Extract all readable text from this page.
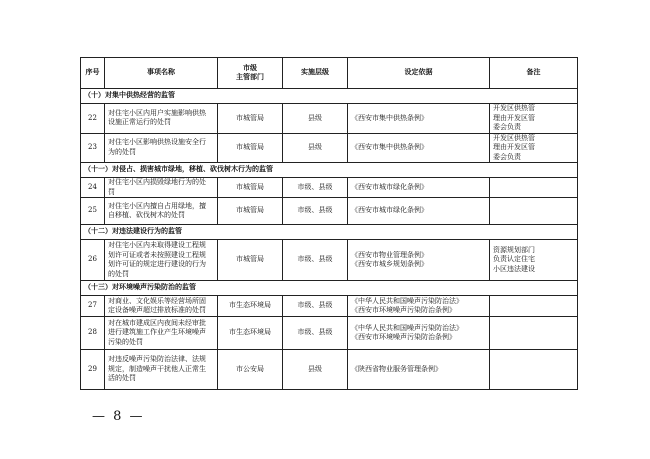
序号	事项名称	市级
主管部门	实施层级	设定依据	备注
（十）对集中供热经营的监管					
22	对住宅小区内用户实施影响供热
设施正常运行的处罚	市城管局	县级	《西安市集中供热条例》	开发区供热管
理由开发区管
委会负责

23	对住宅小区影响供热设施安全行
为的处罚	市城管局	县级	《西安市集中供热条例》	开发区供热管
理由开发区管
委会负责

（十一）对侵占、损害城市绿地，移植、砍伐树木行为的监管					
24	对住宅小区内损毁绿地行为的处
罚	市城管局	市级、县级	《西安市城市绿化条例》	

25	对住宅小区内擅自占用绿地，擅
自移植、砍伐树木的处罚	市城管局	市级、县级	《西安市城市绿化条例》	

（十二）对违法建设行为的监管					
26	对住宅小区内未取得建设工程规
划许可证或者未按照建设工程规
划许可证的规定进行建设的行为
的处罚	市城管局	市级、县级	《西安市物业管理条例》
《西安市城乡规划条例》	资源规划部门
负责认定住宅
小区违法建设

（十三）对环境噪声污染防治的监管					
27	对商业、文化娱乐等经营场所固
定设备噪声超过排放标准的处罚	市生态环境局	市级、县级	《中华人民共和国噪声污染防治法》
《西安市环境噪声污染防治条例》	

28	对在城市建成区内夜间未经审批
进行建筑施工作业产生环境噪声
污染的处罚	市生态环境局	市级、县级	《中华人民共和国噪声污染防治法》
《西安市环境噪声污染防治条例》	

29	对违反噪声污染防治法律、法规
规定，制造噪声干扰他人正常生
活的处罚	市公安局	县级	《陕西省物业服务管理条例》	

— 8 —
